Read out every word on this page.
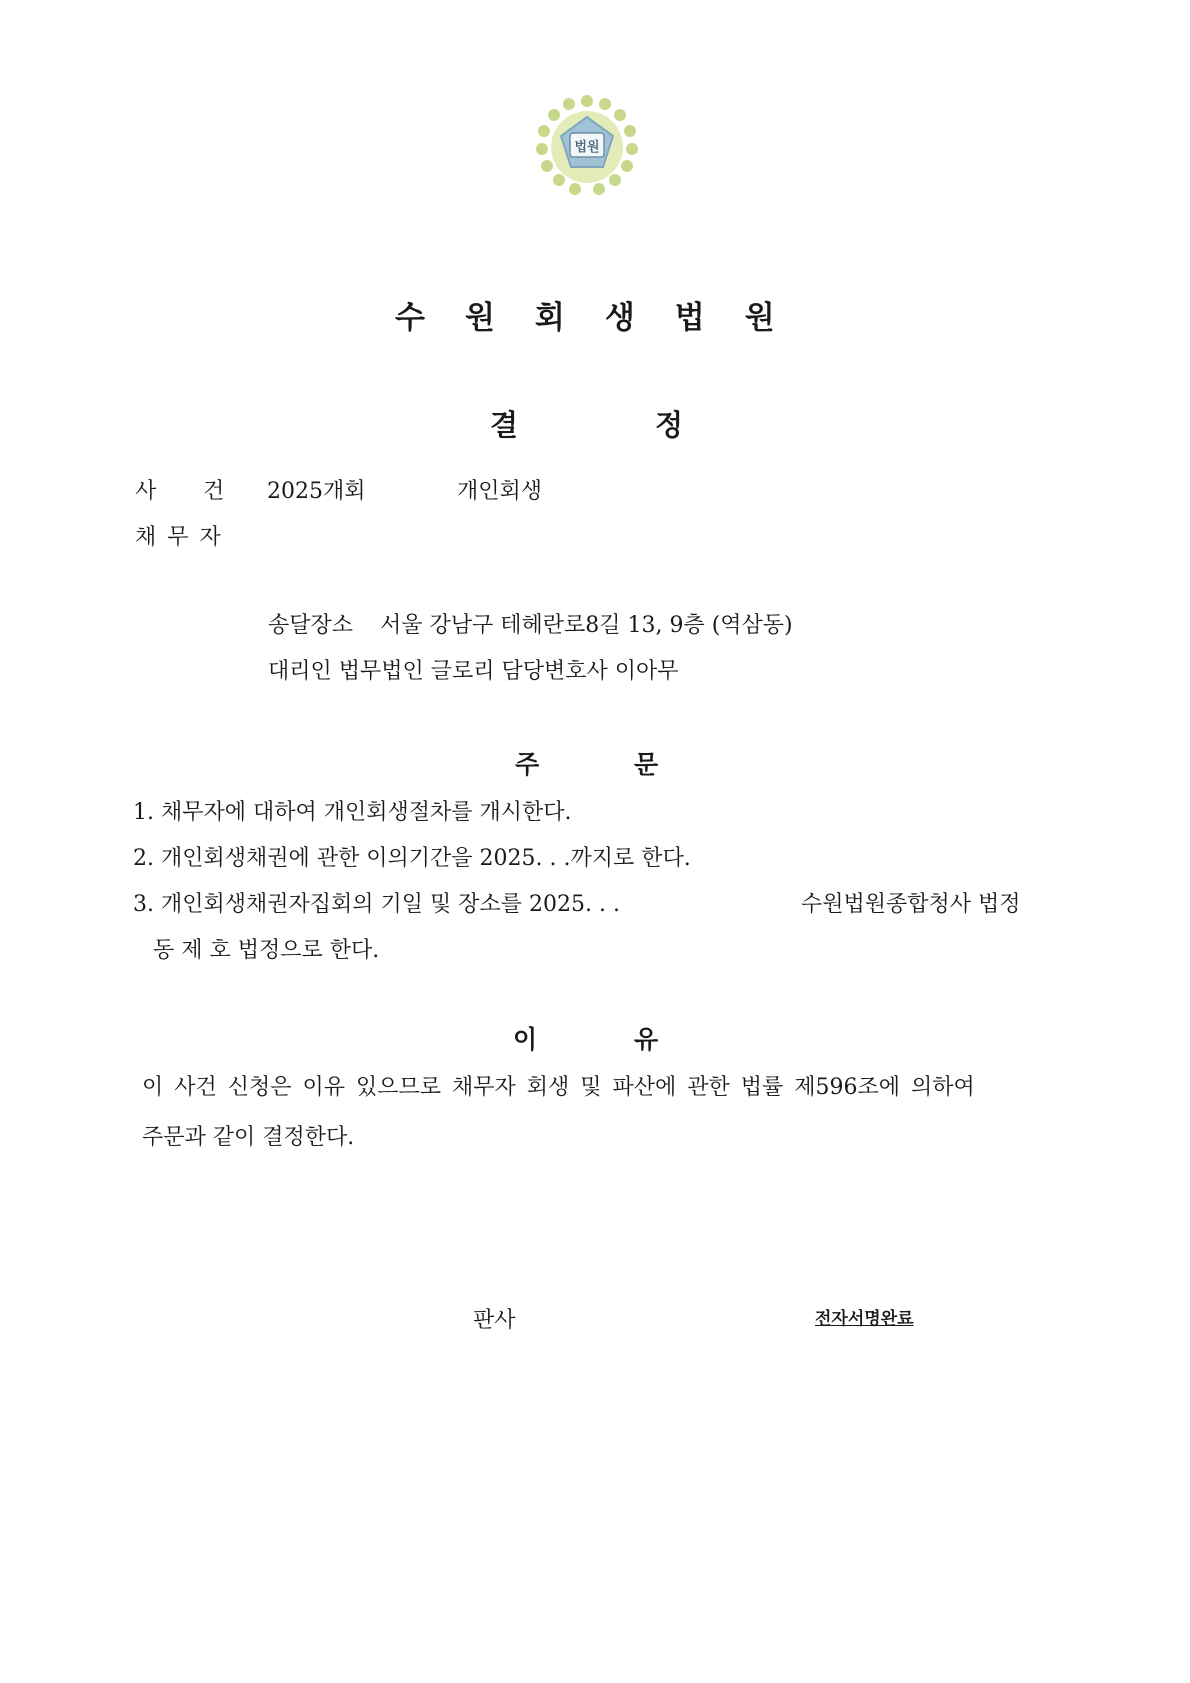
법원
수원회생법원
결	정
사 건 2025개회	개인회생
채무자
송달장소 서울 강남구 테헤란로8길 13, 9층 (역삼동)
대리인 법무법인 글로리 담당변호사 이아무
주	문
1. 채무자에 대하여 개인회생절차를 개시한다.
2. 개인회생채권에 관한 이의기간을 2025. . .까지로 한다.
3. 개인회생채권자집회의 기일 및 장소를 2025. . .	수원법원종합청사 법정
동 제 호 법정으로 한다.
이	유
이 사건 신청은 이유 있으므로 채무자 회생 및 파산에 관한 법률 제596조에 의하여
주문과 같이 결정한다.
판사	전자서명완료
